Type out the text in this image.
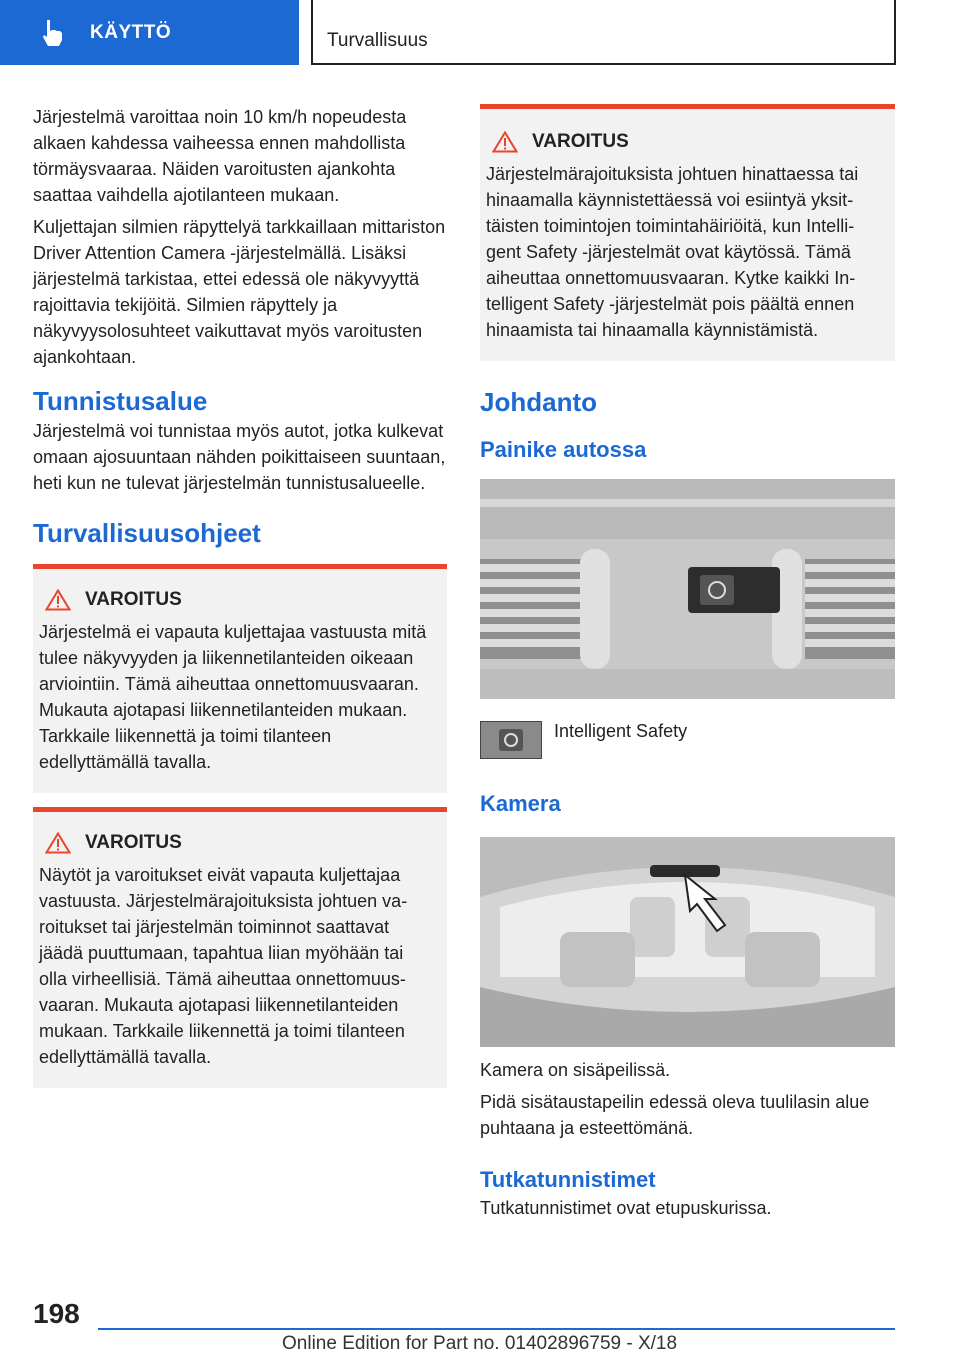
KÄYTTÖ	Turvallisuus

Järjestelmä varoittaa noin 10 km/h nopeudesta alkaen kahdessa vaiheessa ennen mahdollista törmäysvaaraa. Näiden varoitusten ajankohta saattaa vaihdella ajotilanteen mukaan.

Kuljettajan silmien räpyttelyä tarkkaillaan mittariston Driver Attention Camera -järjestelmällä. Lisäksi järjestelmä tarkistaa, ettei edessä ole näkyvyyttä rajoittavia tekijöitä. Silmien räpyttely ja näkyvyysolosuhteet vaikuttavat myös varoitusten ajankohtaan.

Tunnistusalue

Järjestelmä voi tunnistaa myös autot, jotka kulkevat omaan ajosuuntaan nähden poikittaiseen suuntaan, heti kun ne tulevat järjestelmän tunnistusalueelle.

Turvallisuusohjeet
VAROITUS

Järjestelmä ei vapauta kuljettajaa vastuusta mitä tulee näkyvyyden ja liikennetilanteiden oikeaan arviointiin. Tämä aiheuttaa onnettomuusvaaran. Mukauta ajotapasi liikennetilanteiden mukaan. Tarkkaile liikennettä ja toimi tilanteen edellyttämällä tavalla.

VAROITUS

Näytöt ja varoitukset eivät vapauta kuljettajaa vastuusta. Järjestelmärajoituksista johtuen varoitukset tai järjestelmän toiminnot saattavat jäädä puuttumaan, tapahtua liian myöhään tai olla virheellisiä. Tämä aiheuttaa onnettomuusvaaran. Mukauta ajotapasi liikennetilanteiden mukaan. Tarkkaile liikennettä ja toimi tilanteen edellyttämällä tavalla.

VAROITUS

Järjestelmärajoituksista johtuen hinattaessa tai hinaamalla käynnistettäessä voi esiintyä yksittäisten toimintojen toimintahäiriöitä, kun Intelligent Safety -järjestelmät ovat käytössä. Tämä aiheuttaa onnettomuusvaaran. Kytke kaikki Intelligent Safety -järjestelmät pois päältä ennen hinaamista tai hinaamalla käynnistämistä.

Johdanto
Painike autossa
Intelligent Safety
Kamera

Kamera on sisäpeilissä.

Pidä sisätaustapeilin edessä oleva tuulilasin alue puhtaana ja esteettömänä.

Tutkatunnistimet

Tutkatunnistimet ovat etupuskurissa.

198
Online Edition for Part no. 01402896759 - X/18
